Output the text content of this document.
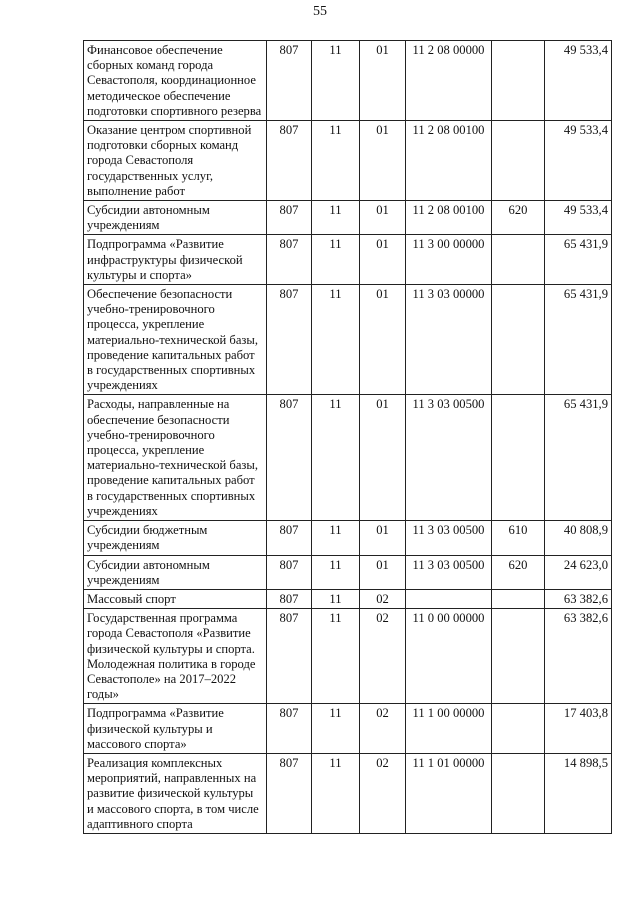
55
Финансовое обеспечение сборных команд города Севастополя, координационное методическое обеспечение подготовки спортивного резерва	807	11	01	11 2 08 00000		49 533,4
Оказание центром спортивной подготовки сборных команд города Севастополя государственных услуг, выполнение работ	807	11	01	11 2 08 00100		49 533,4
Субсидии автономным учреждениям	807	11	01	11 2 08 00100	620	49 533,4
Подпрограмма «Развитие инфраструктуры физической культуры и спорта»	807	11	01	11 3 00 00000		65 431,9
Обеспечение безопасности учебно-тренировочного процесса, укрепление материально-технической базы, проведение капитальных работ в государственных спортивных учреждениях	807	11	01	11 3 03 00000		65 431,9
Расходы, направленные на обеспечение безопасности учебно-тренировочного процесса, укрепление материально-технической базы, проведение капитальных работ в государственных спортивных учреждениях	807	11	01	11 3 03 00500		65 431,9
Субсидии бюджетным учреждениям	807	11	01	11 3 03 00500	610	40 808,9
Субсидии автономным учреждениям	807	11	01	11 3 03 00500	620	24 623,0
Массовый спорт	807	11	02			63 382,6
Государственная программа города Севастополя «Развитие физической культуры и спорта. Молодежная политика в городе Севастополе» на 2017–2022 годы»	807	11	02	11 0 00 00000		63 382,6
Подпрограмма «Развитие физической культуры и массового спорта»	807	11	02	11 1 00 00000		17 403,8
Реализация комплексных мероприятий, направленных на развитие физической культуры и массового спорта, в том числе адаптивного спорта	807	11	02	11 1 01 00000		14 898,5
